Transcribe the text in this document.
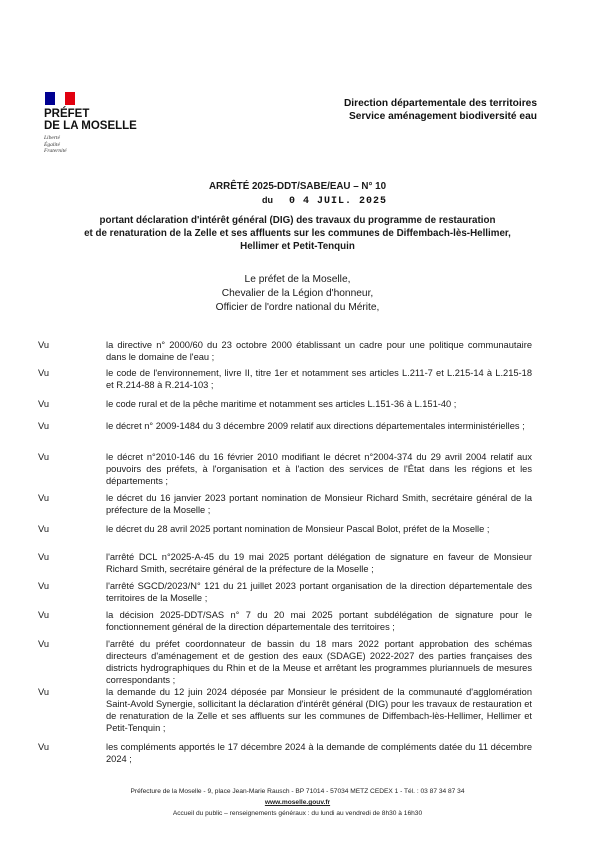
PRÉFET
DE LA MOSELLE
Liberté
Égalité
Fraternité
Direction départementale des territoires
Service aménagement biodiversité eau
ARRÊTÉ 2025-DDT/SABE/EAU – N° 10
du 0 4 JUIL. 2025
portant déclaration d'intérêt général (DIG) des travaux du programme de restauration
et de renaturation de la Zelle et ses affluents sur les communes de Diffembach-lès-Hellimer,
Hellimer et Petit-Tenquin
Le préfet de la Moselle,
Chevalier de la Légion d'honneur,
Officier de l'ordre national du Mérite,
Vu	la directive n° 2000/60 du 23 octobre 2000 établissant un cadre pour une politique communautaire dans le domaine de l'eau ;
Vu	le code de l'environnement, livre II, titre 1er et notamment ses articles L.211-7 et L.215-14 à L.215-18 et R.214-88 à R.214-103 ;
Vu	le code rural et de la pêche maritime et notamment ses articles L.151-36 à L.151-40 ;
Vu	le décret n° 2009-1484 du 3 décembre 2009 relatif aux directions départementales interministérielles ;
Vu	le décret n°2010-146 du 16 février 2010 modifiant le décret n°2004-374 du 29 avril 2004 relatif aux pouvoirs des préfets, à l'organisation et à l'action des services de l'État dans les régions et les départements ;
Vu	le décret du 16 janvier 2023 portant nomination de Monsieur Richard Smith, secrétaire général de la préfecture de la Moselle ;
Vu	le décret du 28 avril 2025 portant nomination de Monsieur Pascal Bolot, préfet de la Moselle ;
Vu	l'arrêté DCL n°2025-A-45 du 19 mai 2025 portant délégation de signature en faveur de Monsieur Richard Smith, secrétaire général de la préfecture de la Moselle ;
Vu	l'arrêté SGCD/2023/N° 121 du 21 juillet 2023 portant organisation de la direction départementale des territoires de la Moselle ;
Vu	la décision 2025-DDT/SAS n° 7 du 20 mai 2025 portant subdélégation de signature pour le fonctionnement général de la direction départementale des territoires ;
Vu	l'arrêté du préfet coordonnateur de bassin du 18 mars 2022 portant approbation des schémas directeurs d'aménagement et de gestion des eaux (SDAGE) 2022-2027 des parties françaises des districts hydrographiques du Rhin et de la Meuse et arrêtant les programmes pluriannuels de mesures correspondants ;
Vu	la demande du 12 juin 2024 déposée par Monsieur le président de la communauté d'agglomération Saint-Avold Synergie, sollicitant la déclaration d'intérêt général (DIG) pour les travaux de restauration et de renaturation de la Zelle et ses affluents sur les communes de Diffembach-lès-Hellimer, Hellimer et Petit-Tenquin ;
Vu	les compléments apportés le 17 décembre 2024 à la demande de compléments datée du 11 décembre 2024 ;
Préfecture de la Moselle - 9, place Jean-Marie Rausch - BP 71014 - 57034 METZ CEDEX 1 - Tél. : 03 87 34 87 34
www.moselle.gouv.fr
Accueil du public – renseignements généraux : du lundi au vendredi de 8h30 à 16h30
